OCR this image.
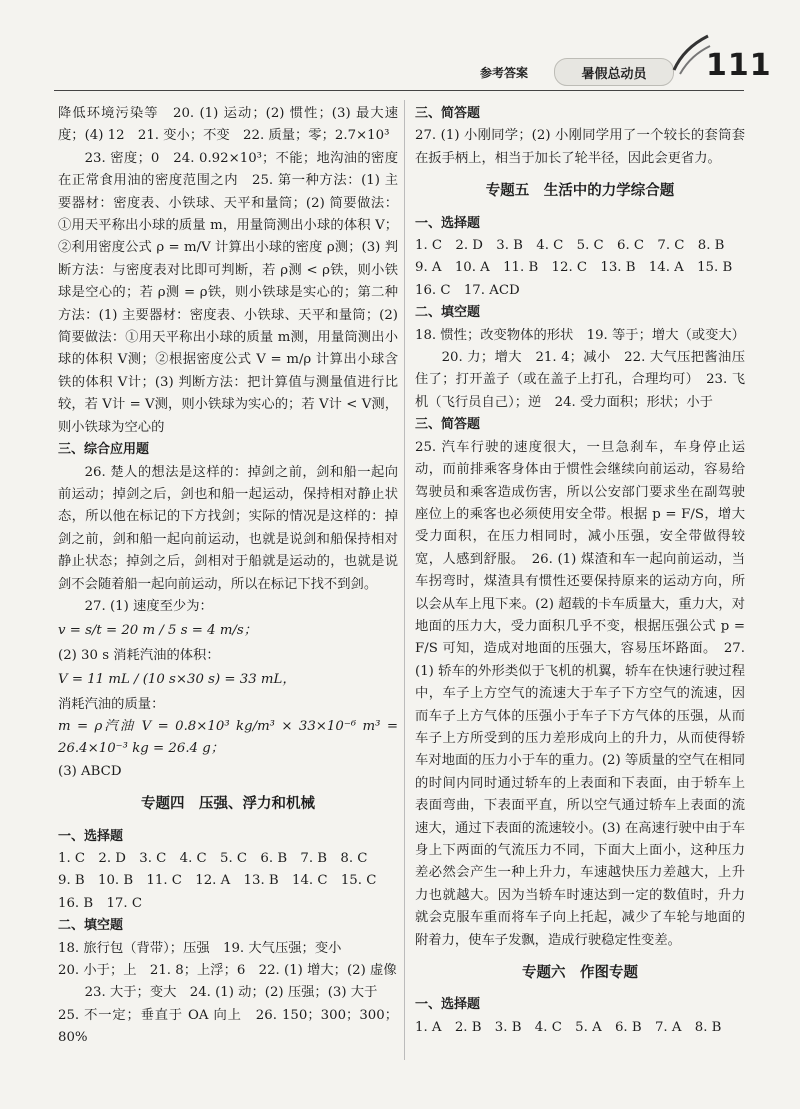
参考答案	暑假总动员 111

降低环境污染等　20. (1) 运动；(2) 惯性；(3) 最大速度；(4) 12　21. 变小；不变　22. 质量；零；2.7×10³

23. 密度；0　24. 0.92×10³；不能；地沟油的密度在正常食用油的密度范围之内　25. 第一种方法：(1) 主要器材：密度表、小铁球、天平和量筒；(2) 简要做法：①用天平称出小球的质量 m，用量筒测出小球的体积 V；②利用密度公式 ρ = m/V 计算出小球的密度 ρ测；(3) 判断方法：与密度表对比即可判断，若 ρ测 < ρ铁，则小铁球是空心的；若 ρ测 = ρ铁，则小铁球是实心的；第二种方法：(1) 主要器材：密度表、小铁球、天平和量筒；(2) 简要做法：①用天平称出小球的质量 m测，用量筒测出小球的体积 V测；②根据密度公式 V = m/ρ 计算出小球含铁的体积 V计；(3) 判断方法：把计算值与测量值进行比较，若 V计 = V测，则小铁球为实心的；若 V计 < V测，则小铁球为空心的

三、综合应用题

26. 楚人的想法是这样的：掉剑之前，剑和船一起向前运动；掉剑之后，剑也和船一起运动，保持相对静止状态，所以他在标记的下方找剑；实际的情况是这样的：掉剑之前，剑和船一起向前运动，也就是说剑和船保持相对静止状态；掉剑之后，剑相对于船就是运动的，也就是说剑不会随着船一起向前运动，所以在标记下找不到剑。

27. (1) 速度至少为：

v = s/t = 20 m / 5 s = 4 m/s；

(2) 30 s 消耗汽油的体积：

V = 11 mL / (10 s×30 s) = 33 mL，

消耗汽油的质量：

m = ρ汽油 V = 0.8×10³ kg/m³ × 33×10⁻⁶ m³ = 26.4×10⁻³ kg = 26.4 g；

(3) ABCD

专题四　压强、浮力和机械

一、选择题

1. C　2. D　3. C　4. C　5. C　6. B　7. B　8. C

9. B　10. B　11. C　12. A　13. B　14. C　15. C

16. B　17. C

二、填空题

18. 旅行包（背带）；压强　19. 大气压强；变小

20. 小于；上　21. 8；上浮；6　22. (1) 增大；(2) 虚像

23. 大于；变大　24. (1) 动；(2) 压强；(3) 大于

25. 不一定；垂直于 OA 向上　26. 150；300；300；80%

三、简答题

27. (1) 小刚同学；(2) 小刚同学用了一个较长的套筒套在扳手柄上，相当于加长了轮半径，因此会更省力。

专题五　生活中的力学综合题

一、选择题

1. C　2. D　3. B　4. C　5. C　6. C　7. C　8. B

9. A　10. A　11. B　12. C　13. B　14. A　15. B

16. C　17. ACD

二、填空题

18. 惯性；改变物体的形状　19. 等于；增大（或变大）

20. 力；增大　21. 4；减小　22. 大气压把酱油压住了；打开盖子（或在盖子上打孔，合理均可）　23. 飞机（飞行员自己）；逆　24. 受力面积；形状；小于

三、简答题

25. 汽车行驶的速度很大，一旦急刹车，车身停止运动，而前排乘客身体由于惯性会继续向前运动，容易给驾驶员和乘客造成伤害，所以公安部门要求坐在副驾驶座位上的乘客也必须使用安全带。根据 p = F/S，增大受力面积，在压力相同时，减小压强，安全带做得较宽，人感到舒服。　26. (1) 煤渣和车一起向前运动，当车拐弯时，煤渣具有惯性还要保持原来的运动方向，所以会从车上甩下来。(2) 超载的卡车质量大，重力大，对地面的压力大，受力面积几乎不变，根据压强公式 p = F/S 可知，造成对地面的压强大，容易压坏路面。　27. (1) 轿车的外形类似于飞机的机翼，轿车在快速行驶过程中，车子上方空气的流速大于车子下方空气的流速，因而车子上方气体的压强小于车子下方气体的压强，从而车子上方所受到的压力差形成向上的升力，从而使得轿车对地面的压力小于车的重力。(2) 等质量的空气在相同的时间内同时通过轿车的上表面和下表面，由于轿车上表面弯曲，下表面平直，所以空气通过轿车上表面的流速大，通过下表面的流速较小。(3) 在高速行驶中由于车身上下两面的气流压力不同，下面大上面小，这种压力差必然会产生一种上升力，车速越快压力差越大，上升力也就越大。因为当轿车时速达到一定的数值时，升力就会克服车重而将车子向上托起，减少了车轮与地面的附着力，使车子发飘，造成行驶稳定性变差。

专题六　作图专题

一、选择题

1. A　2. B　3. B　4. C　5. A　6. B　7. A　8. B
